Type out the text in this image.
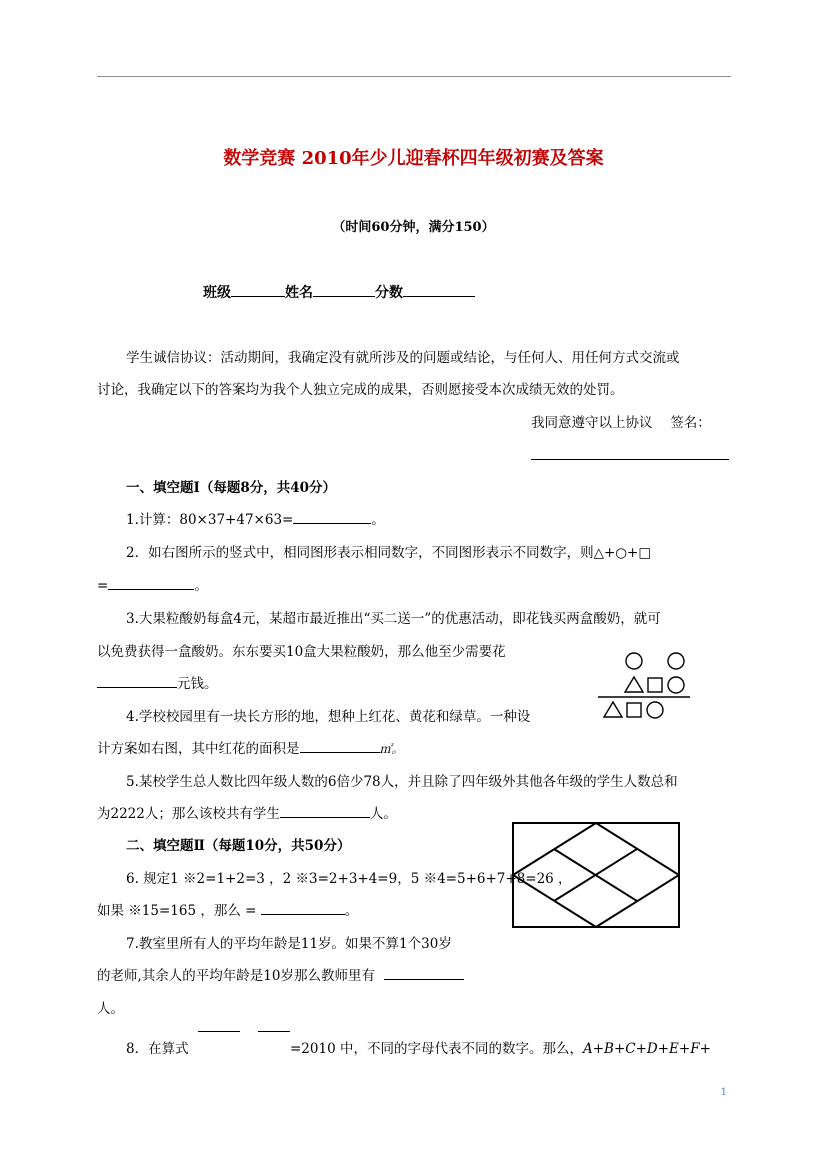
数学竞赛 2010年少儿迎春杯四年级初赛及答案
（时间60分钟，满分150）
班级	姓名	分数
学生诚信协议：活动期间，我确定没有就所涉及的问题或结论，与任何人、用任何方式交流或
讨论，我确定以下的答案均为我个人独立完成的成果，否则愿接受本次成绩无效的处罚。
我同意遵守以上协议　 签名：
一、填空题Ⅰ（每题8分，共40分）
1.计算：80×37+47×63=	。
2．如右图所示的竖式中，相同图形表示相同数字，不同图形表示不同数字，则△+○+□
=	。
3.大果粒酸奶每盒4元，某超市最近推出“买二送一”的优惠活动，即花钱买两盒酸奶，就可
以免费获得一盒酸奶。东东要买10盒大果粒酸奶，那么他至少需要花
元钱。
4.学校校园里有一块长方形的地，想种上红花、黄花和绿草。一种设
计方案如右图，其中红花的面积是	㎡。
5.某校学生总人数比四年级人数的6倍少78人，并且除了四年级外其他各年级的学生人数总和
为2222人；那么该校共有学生	人。
二、填空题Ⅱ（每题10分，共50分）
6. 规定1 ※2=1+2=3 ，2 ※3=2+3+4=9，5 ※4=5+6+7+8=26 ，
如果 ※15=165 ，那么 =	。
7.教室里所有人的平均年龄是11岁。如果不算1个30岁
的老师,其余人的平均年龄是10岁那么教师里有
人。
8．在算式	=2010 中，不同的字母代表不同的数字。那么，A+B+C+D+E+F+
1
